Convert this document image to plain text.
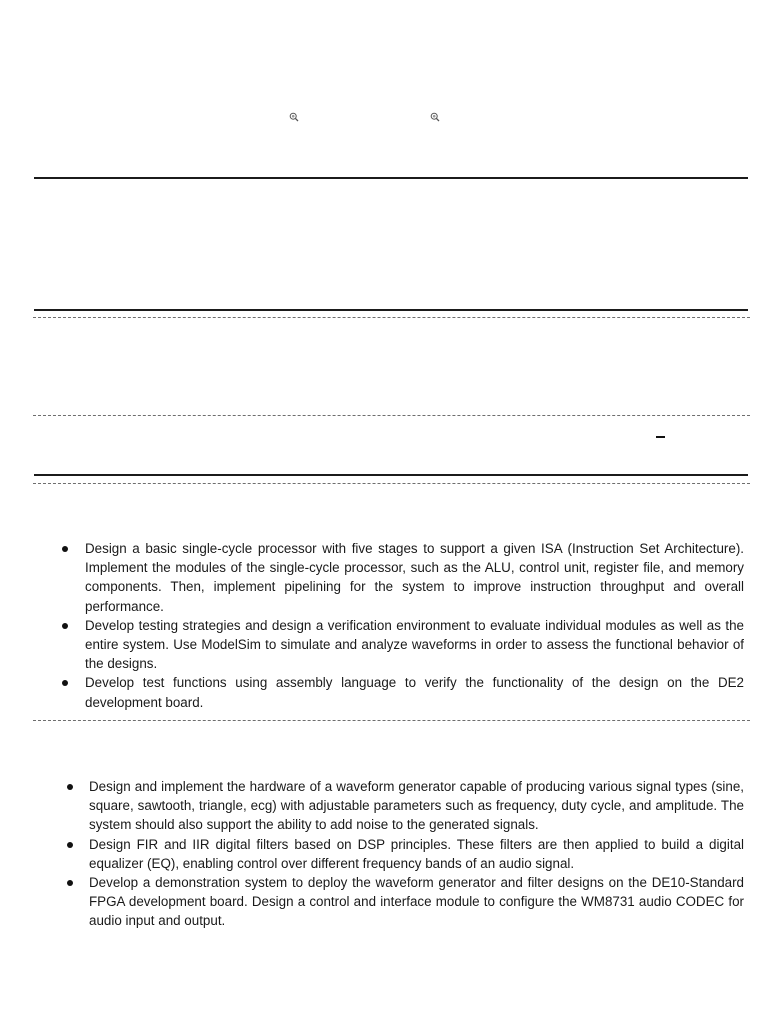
Design a basic single-cycle processor with five stages to support a given ISA (Instruction Set Architecture). Implement the modules of the single-cycle processor, such as the ALU, control unit, register file, and memory components. Then, implement pipelining for the system to improve instruction throughput and overall performance.
Develop testing strategies and design a verification environment to evaluate individual modules as well as the entire system. Use ModelSim to simulate and analyze waveforms in order to assess the functional behavior of the designs.
Develop test functions using assembly language to verify the functionality of the design on the DE2 development board.
Design and implement the hardware of a waveform generator capable of producing various signal types (sine, square, sawtooth, triangle, ecg) with adjustable parameters such as frequency, duty cycle, and amplitude. The system should also support the ability to add noise to the generated signals.
Design FIR and IIR digital filters based on DSP principles. These filters are then applied to build a digital equalizer (EQ), enabling control over different frequency bands of an audio signal.
Develop a demonstration system to deploy the waveform generator and filter designs on the DE10-Standard FPGA development board. Design a control and interface module to configure the WM8731 audio CODEC for audio input and output.
